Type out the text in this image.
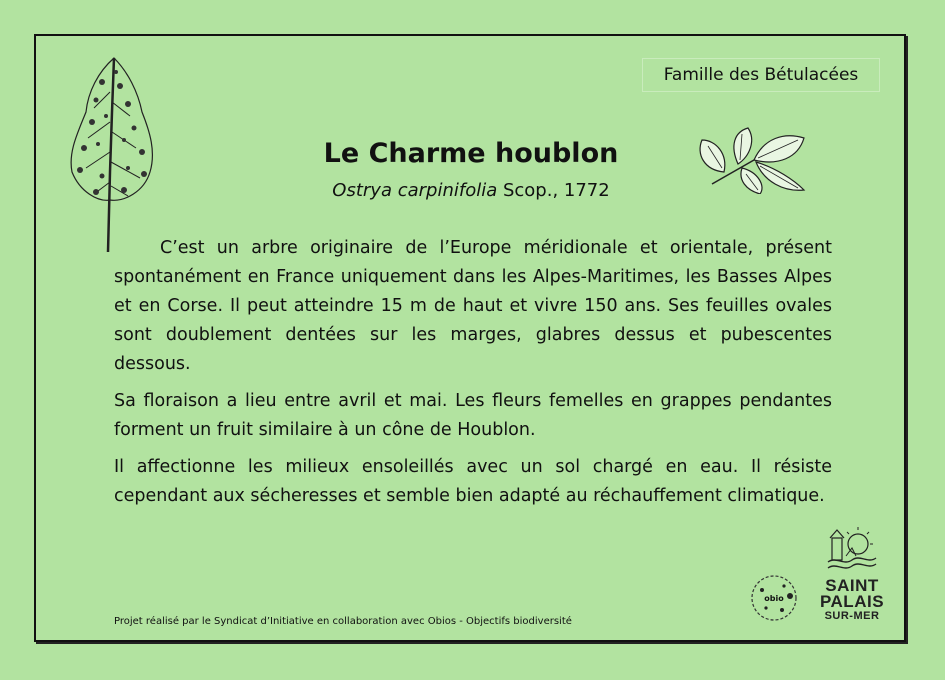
Famille des Bétulacées
Le Charme houblon
Ostrya carpinifolia Scop., 1772

C’est un arbre originaire de l’Europe méridionale et orientale, présent spontanément en France uniquement dans les Alpes-Maritimes, les Basses Alpes et en Corse. Il peut atteindre 15 m de haut et vivre 150 ans. Ses feuilles ovales sont doublement dentées sur les marges, glabres dessus et pubescentes dessous.

Sa floraison a lieu entre avril et mai. Les fleurs femelles en grappes pendantes forment un fruit similaire à un cône de Houblon.

Il affectionne les milieux ensoleillés avec un sol chargé en eau. Il résiste cependant aux sécheresses et semble bien adapté au réchauffement climatique.

Projet réalisé par le Syndicat d’Initiative en collaboration avec Obios - Objectifs biodiversité
obio
SAINT
PALAIS
SUR-MER
